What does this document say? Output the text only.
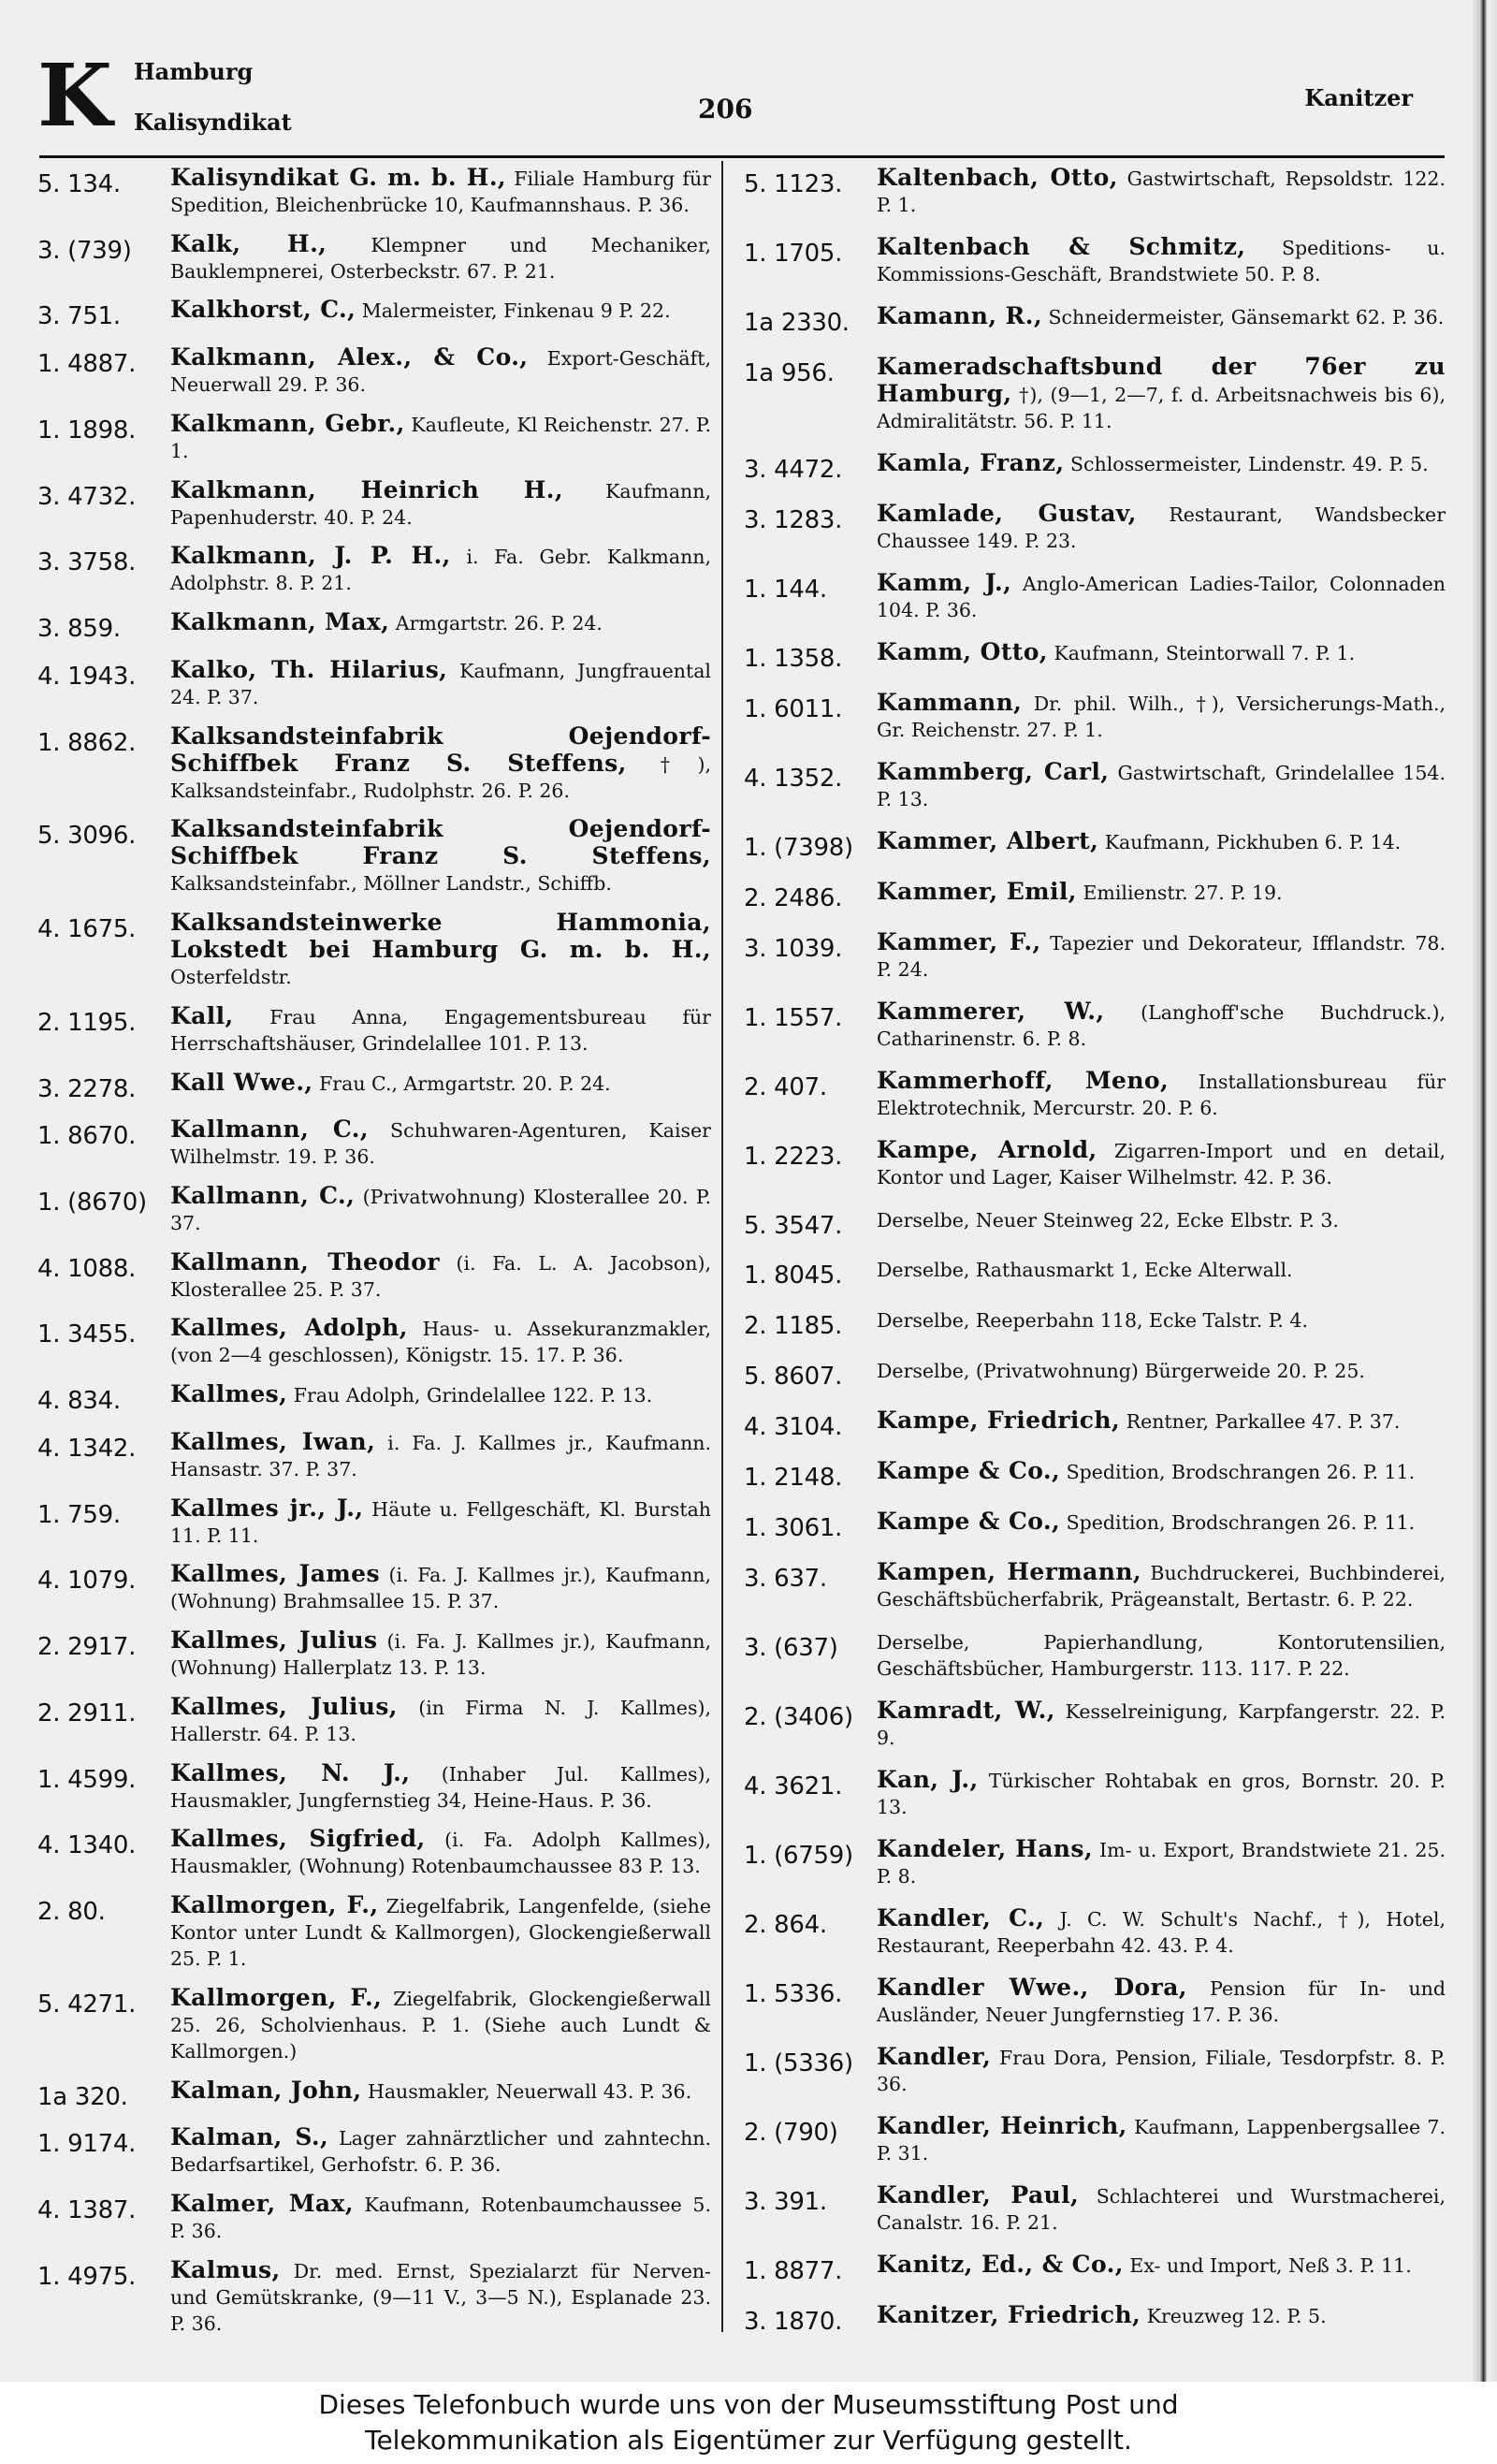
K Hamburg
Kalisyndikat	206	Kanitzer
5. 134.	Kalisyndikat G. m. b. H., Filiale Hamburg für Spedition, Bleichenbrücke 10, Kaufmannshaus. P. 36.
3. (739)	Kalk, H., Klempner und Mechaniker, Bauklempnerei, Osterbeckstr. 67. P. 21.
3. 751.	Kalkhorst, C., Malermeister, Finkenau 9 P. 22.
1. 4887.	Kalkmann, Alex., & Co., Export-Geschäft, Neuerwall 29. P. 36.
1. 1898.	Kalkmann, Gebr., Kaufleute, Kl Reichenstr. 27. P. 1.
3. 4732.	Kalkmann, Heinrich H., Kaufmann, Papenhuderstr. 40. P. 24.
3. 3758.	Kalkmann, J. P. H., i. Fa. Gebr. Kalkmann, Adolphstr. 8. P. 21.
3. 859.	Kalkmann, Max, Armgartstr. 26. P. 24.
4. 1943.	Kalko, Th. Hilarius, Kaufmann, Jungfrauental 24. P. 37.
1. 8862.	Kalksandsteinfabrik Oejendorf-Schiffbek Franz S. Steffens, †), Kalksandsteinfabr., Rudolphstr. 26. P. 26.
5. 3096.	Kalksandsteinfabrik Oejendorf-Schiffbek Franz S. Steffens, Kalksandsteinfabr., Möllner Landstr., Schiffb.
4. 1675.	Kalksandsteinwerke Hammonia, Lokstedt bei Hamburg G. m. b. H., Osterfeldstr.
2. 1195.	Kall, Frau Anna, Engagementsbureau für Herrschaftshäuser, Grindelallee 101. P. 13.
3. 2278.	Kall Wwe., Frau C., Armgartstr. 20. P. 24.
1. 8670.	Kallmann, C., Schuhwaren-Agenturen, Kaiser Wilhelmstr. 19. P. 36.
1. (8670)	Kallmann, C., (Privatwohnung) Klosterallee 20. P. 37.
4. 1088.	Kallmann, Theodor (i. Fa. L. A. Jacobson), Klosterallee 25. P. 37.
1. 3455.	Kallmes, Adolph, Haus- u. Assekuranzmakler, (von 2—4 geschlossen), Königstr. 15. 17. P. 36.
4. 834.	Kallmes, Frau Adolph, Grindelallee 122. P. 13.
4. 1342.	Kallmes, Iwan, i. Fa. J. Kallmes jr., Kaufmann. Hansastr. 37. P. 37.
1. 759.	Kallmes jr., J., Häute u. Fellgeschäft, Kl. Burstah 11. P. 11.
4. 1079.	Kallmes, James (i. Fa. J. Kallmes jr.), Kaufmann, (Wohnung) Brahmsallee 15. P. 37.
2. 2917.	Kallmes, Julius (i. Fa. J. Kallmes jr.), Kaufmann, (Wohnung) Hallerplatz 13. P. 13.
2. 2911.	Kallmes, Julius, (in Firma N. J. Kallmes), Hallerstr. 64. P. 13.
1. 4599.	Kallmes, N. J., (Inhaber Jul. Kallmes), Hausmakler, Jungfernstieg 34, Heine-Haus. P. 36.
4. 1340.	Kallmes, Sigfried, (i. Fa. Adolph Kallmes), Hausmakler, (Wohnung) Rotenbaumchaussee 83 P. 13.
2. 80.	Kallmorgen, F., Ziegelfabrik, Langenfelde, (siehe Kontor unter Lundt & Kallmorgen), Glockengießerwall 25. P. 1.
5. 4271.	Kallmorgen, F., Ziegelfabrik, Glockengießerwall 25. 26, Scholvienhaus. P. 1. (Siehe auch Lundt & Kallmorgen.)
1a 320.	Kalman, John, Hausmakler, Neuerwall 43. P. 36.
1. 9174.	Kalman, S., Lager zahnärztlicher und zahntechn. Bedarfsartikel, Gerhofstr. 6. P. 36.
4. 1387.	Kalmer, Max, Kaufmann, Rotenbaumchaussee 5. P. 36.
1. 4975.	Kalmus, Dr. med. Ernst, Spezialarzt für Nerven- und Gemütskranke, (9—11 V., 3—5 N.), Esplanade 23. P. 36.
5. 1123.	Kaltenbach, Otto, Gastwirtschaft, Repsoldstr. 122. P. 1.
1. 1705.	Kaltenbach & Schmitz, Speditions- u. Kommissions-Geschäft, Brandstwiete 50. P. 8.
1a 2330.	Kamann, R., Schneidermeister, Gänsemarkt 62. P. 36.
1a 956.	Kameradschaftsbund der 76er zu Hamburg, †), (9—1, 2—7, f. d. Arbeitsnachweis bis 6), Admiralitätstr. 56. P. 11.
3. 4472.	Kamla, Franz, Schlossermeister, Lindenstr. 49. P. 5.
3. 1283.	Kamlade, Gustav, Restaurant, Wandsbecker Chaussee 149. P. 23.
1. 144.	Kamm, J., Anglo-American Ladies-Tailor, Colonnaden 104. P. 36.
1. 1358.	Kamm, Otto, Kaufmann, Steintorwall 7. P. 1.
1. 6011.	Kammann, Dr. phil. Wilh., †), Versicherungs-Math., Gr. Reichenstr. 27. P. 1.
4. 1352.	Kammberg, Carl, Gastwirtschaft, Grindelallee 154. P. 13.
1. (7398)	Kammer, Albert, Kaufmann, Pickhuben 6. P. 14.
2. 2486.	Kammer, Emil, Emilienstr. 27. P. 19.
3. 1039.	Kammer, F., Tapezier und Dekorateur, Ifflandstr. 78. P. 24.
1. 1557.	Kammerer, W., (Langhoff'sche Buchdruck.), Catharinenstr. 6. P. 8.
2. 407.	Kammerhoff, Meno, Installationsbureau für Elektrotechnik, Mercurstr. 20. P. 6.
1. 2223.	Kampe, Arnold, Zigarren-Import und en detail, Kontor und Lager, Kaiser Wilhelmstr. 42. P. 36.
5. 3547.	Derselbe, Neuer Steinweg 22, Ecke Elbstr. P. 3.
1. 8045.	Derselbe, Rathausmarkt 1, Ecke Alterwall.
2. 1185.	Derselbe, Reeperbahn 118, Ecke Talstr. P. 4.
5. 8607.	Derselbe, (Privatwohnung) Bürgerweide 20. P. 25.
4. 3104.	Kampe, Friedrich, Rentner, Parkallee 47. P. 37.
1. 2148.	Kampe & Co., Spedition, Brodschrangen 26. P. 11.
1. 3061.	Kampe & Co., Spedition, Brodschrangen 26. P. 11.
3. 637.	Kampen, Hermann, Buchdruckerei, Buchbinderei, Geschäftsbücherfabrik, Prägeanstalt, Bertastr. 6. P. 22.
3. (637)	Derselbe, Papierhandlung, Kontorutensilien, Geschäftsbücher, Hamburgerstr. 113. 117. P. 22.
2. (3406)	Kamradt, W., Kesselreinigung, Karpfangerstr. 22. P. 9.
4. 3621.	Kan, J., Türkischer Rohtabak en gros, Bornstr. 20. P. 13.
1. (6759)	Kandeler, Hans, Im- u. Export, Brandstwiete 21. 25. P. 8.
2. 864.	Kandler, C., J. C. W. Schult's Nachf., †), Hotel, Restaurant, Reeperbahn 42. 43. P. 4.
1. 5336.	Kandler Wwe., Dora, Pension für In- und Ausländer, Neuer Jungfernstieg 17. P. 36.
1. (5336)	Kandler, Frau Dora, Pension, Filiale, Tesdorpfstr. 8. P. 36.
2. (790)	Kandler, Heinrich, Kaufmann, Lappenbergsallee 7. P. 31.
3. 391.	Kandler, Paul, Schlachterei und Wurstmacherei, Canalstr. 16. P. 21.
1. 8877.	Kanitz, Ed., & Co., Ex- und Import, Neß 3. P. 11.
3. 1870.	Kanitzer, Friedrich, Kreuzweg 12. P. 5.
Dieses Telefonbuch wurde uns von der Museumsstiftung Post und
Telekommunikation als Eigentümer zur Verfügung gestellt.
